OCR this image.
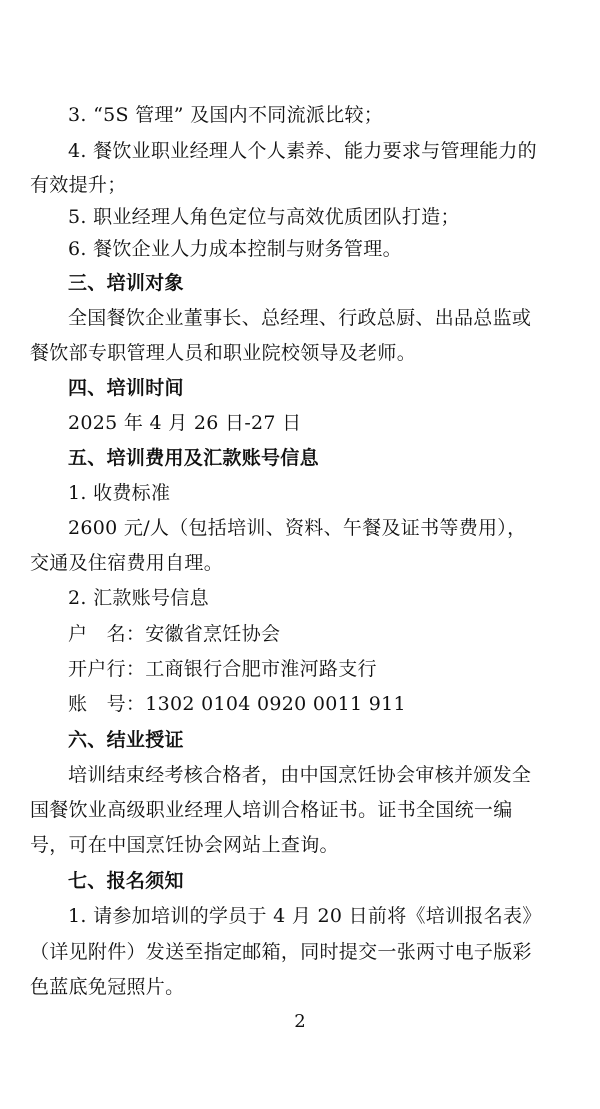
3. “5S 管理” 及国内不同流派比较；
4. 餐饮业职业经理人个人素养、能力要求与管理能力的
有效提升；
5. 职业经理人角色定位与高效优质团队打造；
6. 餐饮企业人力成本控制与财务管理。
三、培训对象
全国餐饮企业董事长、总经理、行政总厨、出品总监或
餐饮部专职管理人员和职业院校领导及老师。
四、培训时间
2025 年 4 月 26 日-27 日
五、培训费用及汇款账号信息
1. 收费标准
2600 元/人（包括培训、资料、午餐及证书等费用），
交通及住宿费用自理。
2. 汇款账号信息
户　名：安徽省烹饪协会
开户行：工商银行合肥市淮河路支行
账　号：1302 0104 0920 0011 911
六、结业授证
培训结束经考核合格者，由中国烹饪协会审核并颁发全
国餐饮业高级职业经理人培训合格证书。证书全国统一编
号，可在中国烹饪协会网站上查询。
七、报名须知
1. 请参加培训的学员于 4 月 20 日前将《培训报名表》
（详见附件）发送至指定邮箱，同时提交一张两寸电子版彩
色蓝底免冠照片。
2
